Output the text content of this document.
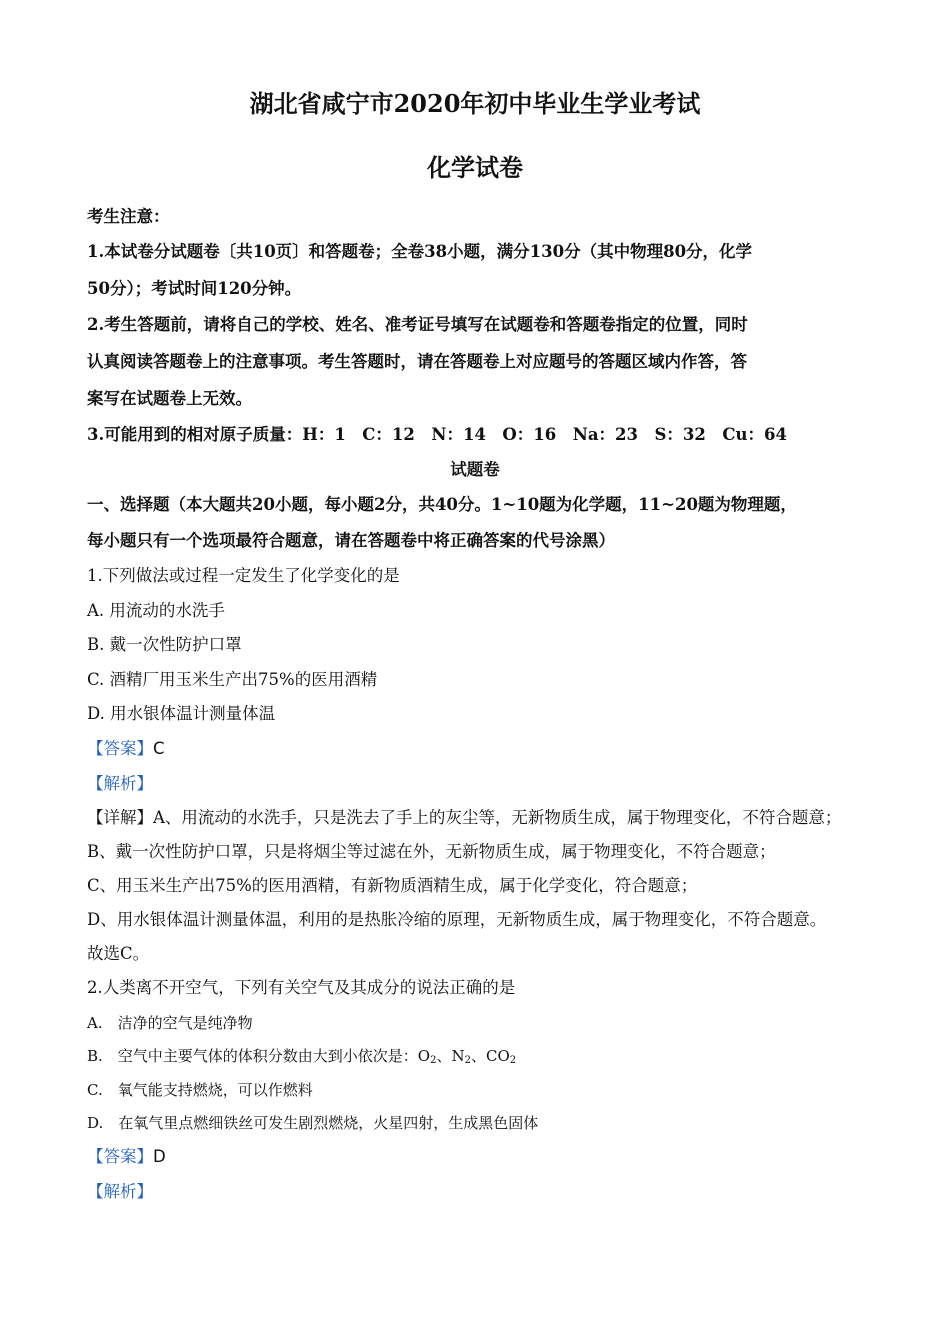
湖北省咸宁市2020年初中毕业生学业考试
化学试卷
考生注意：
1.本试卷分试题卷〔共10页〕和答题卷；全卷38小题，满分130分（其中物理80分，化学
50分）；考试时间120分钟。
2.考生答题前，请将自己的学校、姓名、准考证号填写在试题卷和答题卷指定的位置，同时
认真阅读答题卷上的注意事项。考生答题时，请在答题卷上对应题号的答题区域内作答，答
案写在试题卷上无效。
3.可能用到的相对原子质量：H：1　C：12　N：14　O：16　Na：23　S：32　Cu：64
试题卷
一、选择题（本大题共20小题，每小题2分，共40分。1~10题为化学题，11~20题为物理题，
每小题只有一个选项最符合题意，请在答题卷中将正确答案的代号涂黑）
1.下列做法或过程一定发生了化学变化的是
A. 用流动的水洗手
B. 戴一次性防护口罩
C. 酒精厂用玉米生产出75%的医用酒精
D. 用水银体温计测量体温
【答案】C
【解析】
【详解】A、用流动的水洗手，只是洗去了手上的灰尘等，无新物质生成，属于物理变化，不符合题意；
B、戴一次性防护口罩，只是将烟尘等过滤在外，无新物质生成，属于物理变化，不符合题意；
C、用玉米生产出75%的医用酒精，有新物质酒精生成，属于化学变化，符合题意；
D、用水银体温计测量体温，利用的是热胀冷缩的原理，无新物质生成，属于物理变化，不符合题意。
故选C。
2.人类离不开空气，下列有关空气及其成分的说法正确的是
A.　洁净的空气是纯净物
B.　空气中主要气体的体积分数由大到小依次是：$O_2$、$N_2$、$CO_2$
C.　氧气能支持燃烧，可以作燃料
D.　在氧气里点燃细铁丝可发生剧烈燃烧，火星四射，生成黑色固体
【答案】D
【解析】
